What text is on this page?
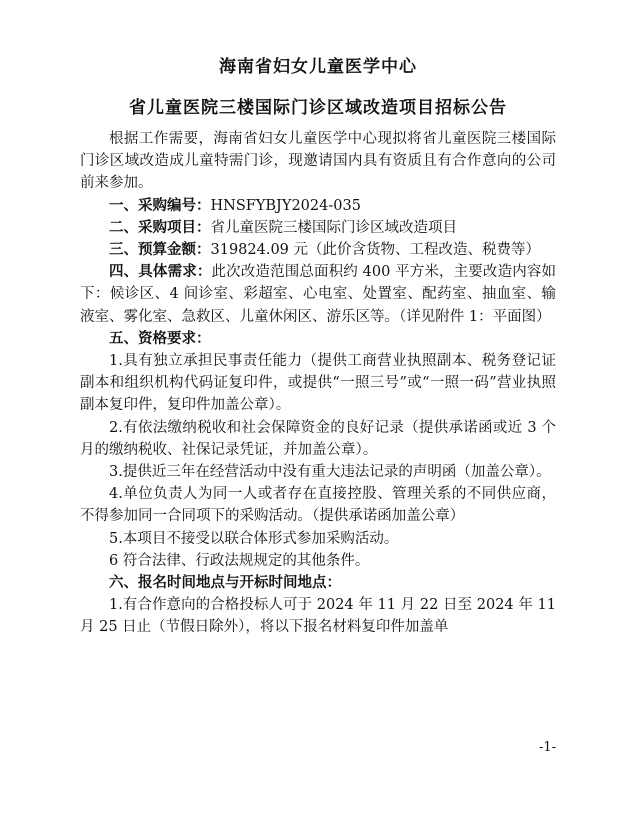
海南省妇女儿童医学中心
省儿童医院三楼国际门诊区域改造项目招标公告

根据工作需要，海南省妇女儿童医学中心现拟将省儿童医院三楼国际门诊区域改造成儿童特需门诊，现邀请国内具有资质且有合作意向的公司前来参加。

一、采购编号：HNSFYBJY2024-035

二、采购项目：省儿童医院三楼国际门诊区域改造项目

三、预算金额：319824.09 元（此价含货物、工程改造、税费等）

四、具体需求：此次改造范围总面积约 400 平方米，主要改造内容如下：候诊区、4 间诊室、彩超室、心电室、处置室、配药室、抽血室、输液室、雾化室、急救区、儿童休闲区、游乐区等。（详见附件 1：平面图）

五、资格要求：

1.具有独立承担民事责任能力（提供工商营业执照副本、税务登记证副本和组织机构代码证复印件，或提供“一照三号”或“一照一码”营业执照副本复印件，复印件加盖公章）。

2.有依法缴纳税收和社会保障资金的良好记录（提供承诺函或近 3 个月的缴纳税收、社保记录凭证，并加盖公章）。

3.提供近三年在经营活动中没有重大违法记录的声明函（加盖公章）。

4.单位负责人为同一人或者存在直接控股、管理关系的不同供应商，不得参加同一合同项下的采购活动。（提供承诺函加盖公章）

5.本项目不接受以联合体形式参加采购活动。

6 符合法律、行政法规规定的其他条件。

六、报名时间地点与开标时间地点：

1.有合作意向的合格投标人可于 2024 年 11 月 22 日至 2024 年 11 月 25 日止（节假日除外），将以下报名材料复印件加盖单

-1-
